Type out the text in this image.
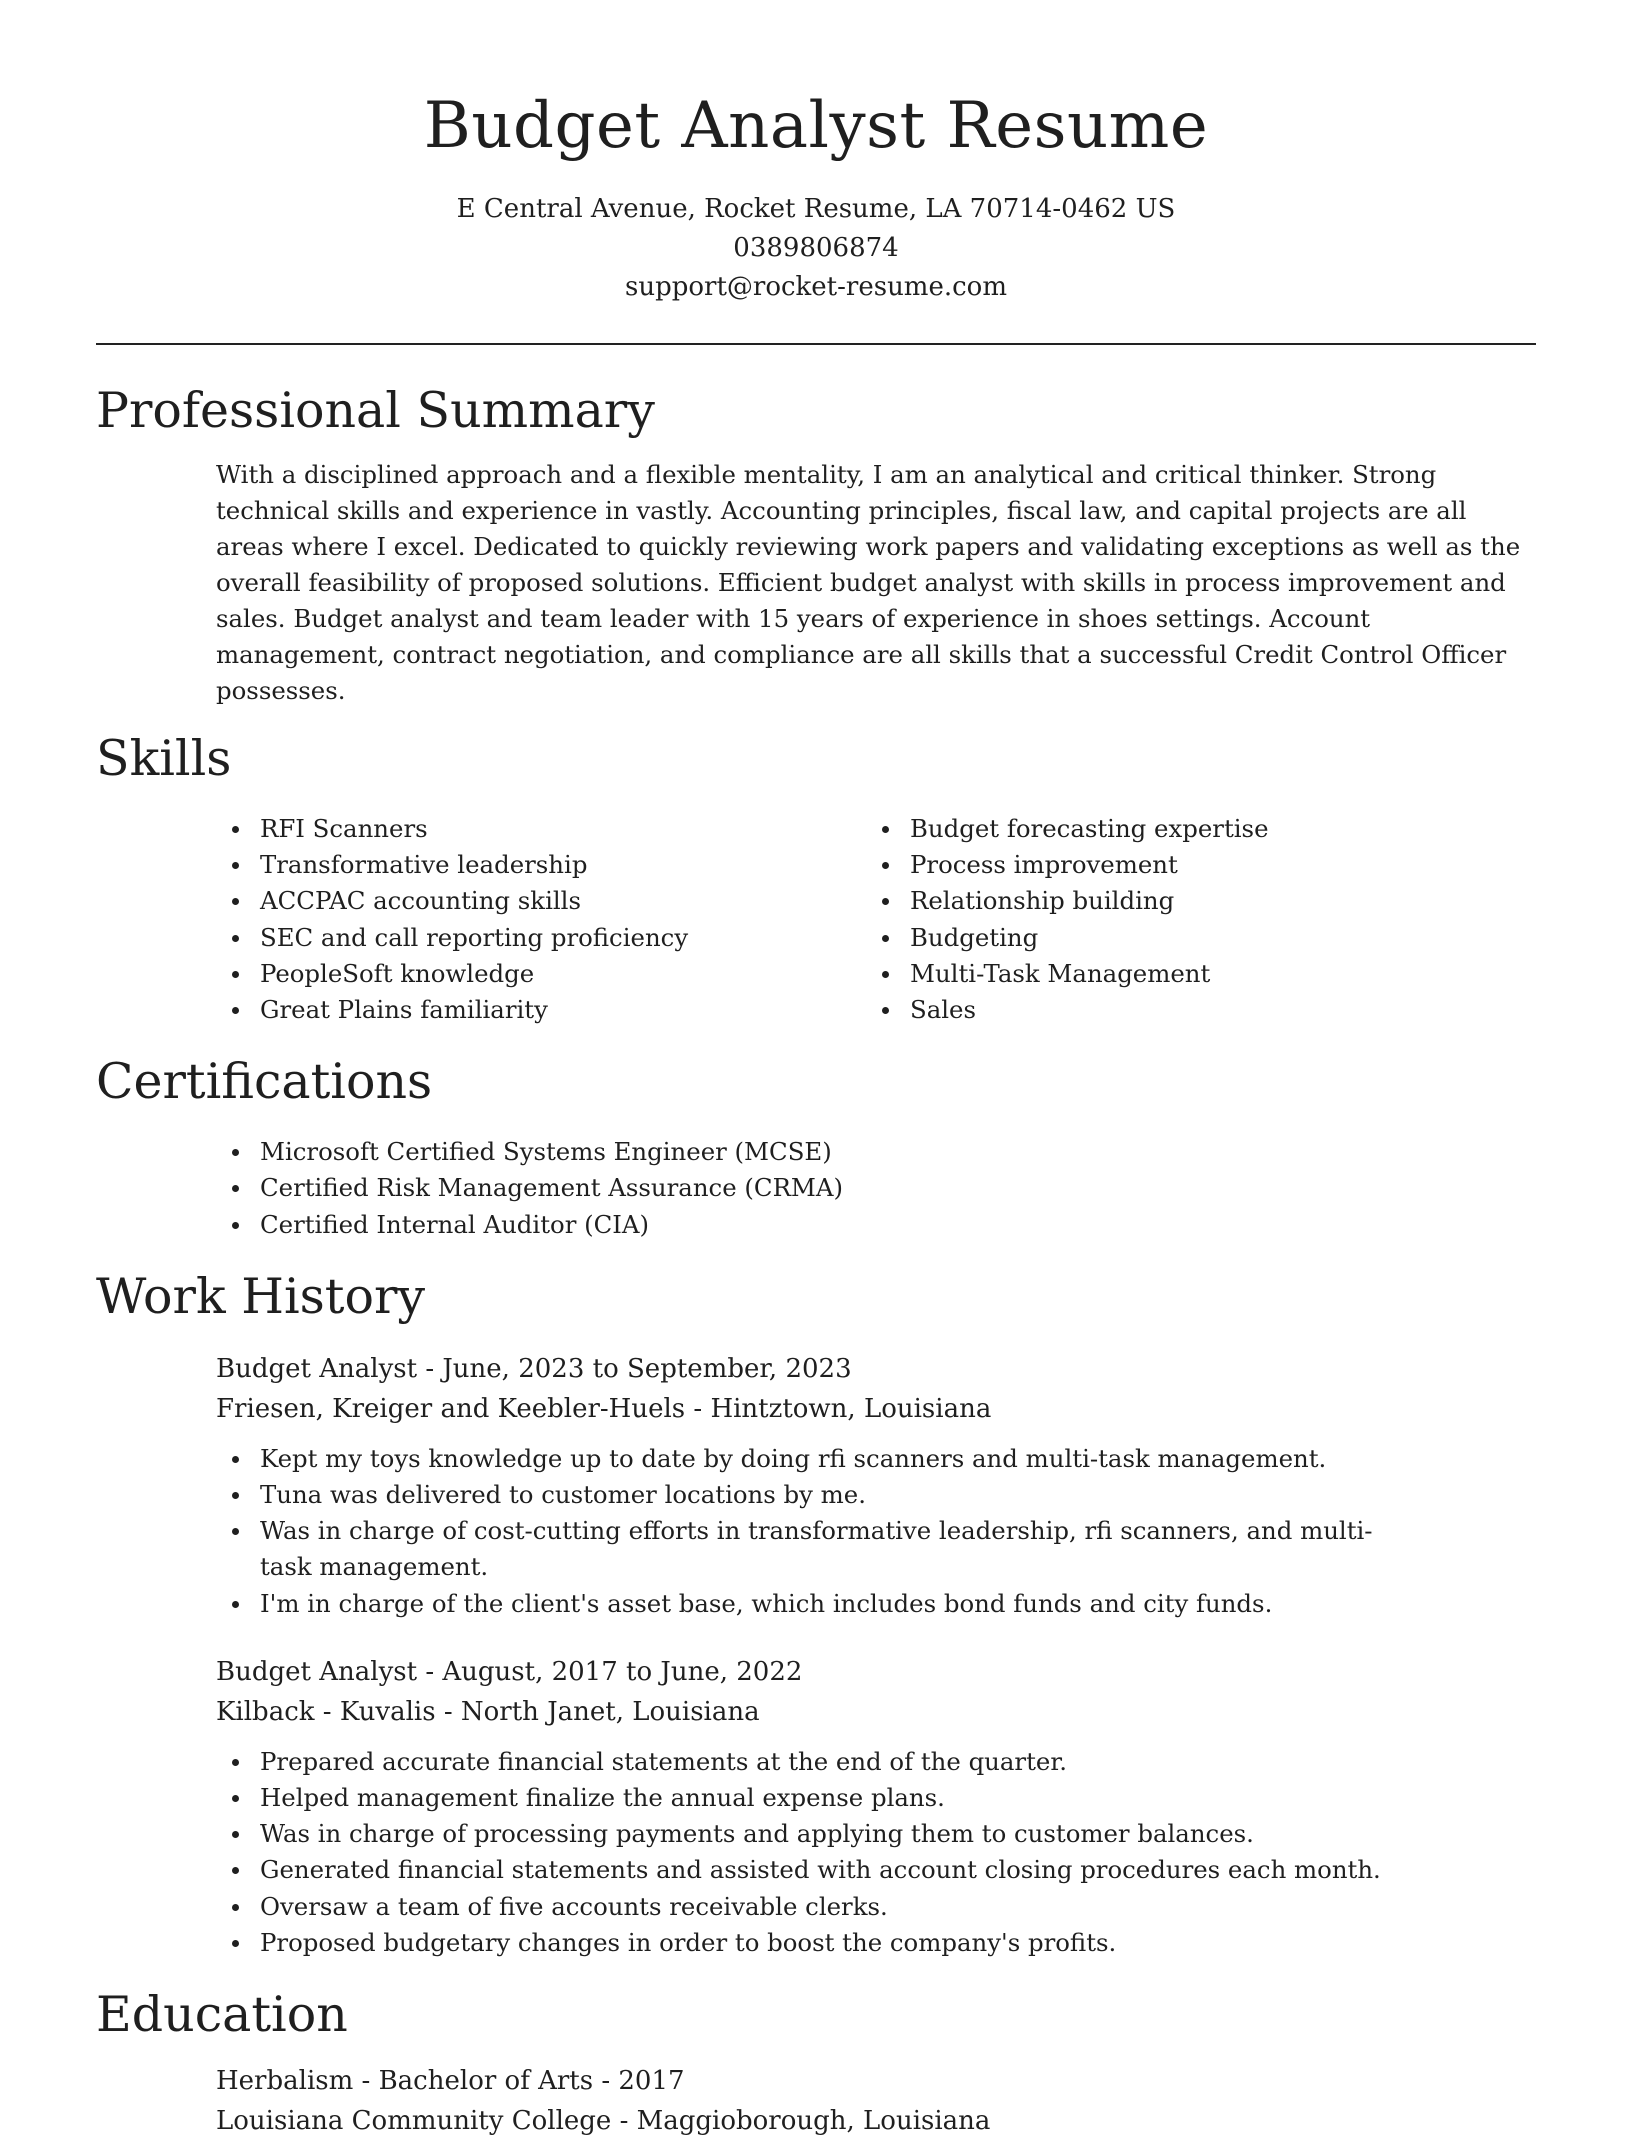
Budget Analyst Resume

E Central Avenue, Rocket Resume, LA 70714-0462 US

0389806874

support@rocket-resume.com

Professional Summary

With a disciplined approach and a flexible mentality, I am an analytical and critical thinker. Strong technical skills and experience in vastly. Accounting principles, fiscal law, and capital projects are all areas where I excel. Dedicated to quickly reviewing work papers and validating exceptions as well as the overall feasibility of proposed solutions. Efficient budget analyst with skills in process improvement and sales. Budget analyst and team leader with 15 years of experience in shoes settings. Account management, contract negotiation, and compliance are all skills that a successful Credit Control Officer possesses.

Skills
RFI Scanners
Transformative leadership
ACCPAC accounting skills
SEC and call reporting proficiency
PeopleSoft knowledge
Great Plains familiarity
Budget forecasting expertise
Process improvement
Relationship building
Budgeting
Multi-Task Management
Sales
Certifications
Microsoft Certified Systems Engineer (MCSE)
Certified Risk Management Assurance (CRMA)
Certified Internal Auditor (CIA)
Work History

Budget Analyst - June, 2023 to September, 2023

Friesen, Kreiger and Keebler-Huels - Hintztown, Louisiana

Kept my toys knowledge up to date by doing rfi scanners and multi-task management.
Tuna was delivered to customer locations by me.
Was in charge of cost-cutting efforts in transformative leadership, rfi scanners, and multi-task management.
I'm in charge of the client's asset base, which includes bond funds and city funds.

Budget Analyst - August, 2017 to June, 2022

Kilback - Kuvalis - North Janet, Louisiana

Prepared accurate financial statements at the end of the quarter.
Helped management finalize the annual expense plans.
Was in charge of processing payments and applying them to customer balances.
Generated financial statements and assisted with account closing procedures each month.
Oversaw a team of five accounts receivable clerks.
Proposed budgetary changes in order to boost the company's profits.
Education

Herbalism - Bachelor of Arts - 2017

Louisiana Community College - Maggioborough, Louisiana
